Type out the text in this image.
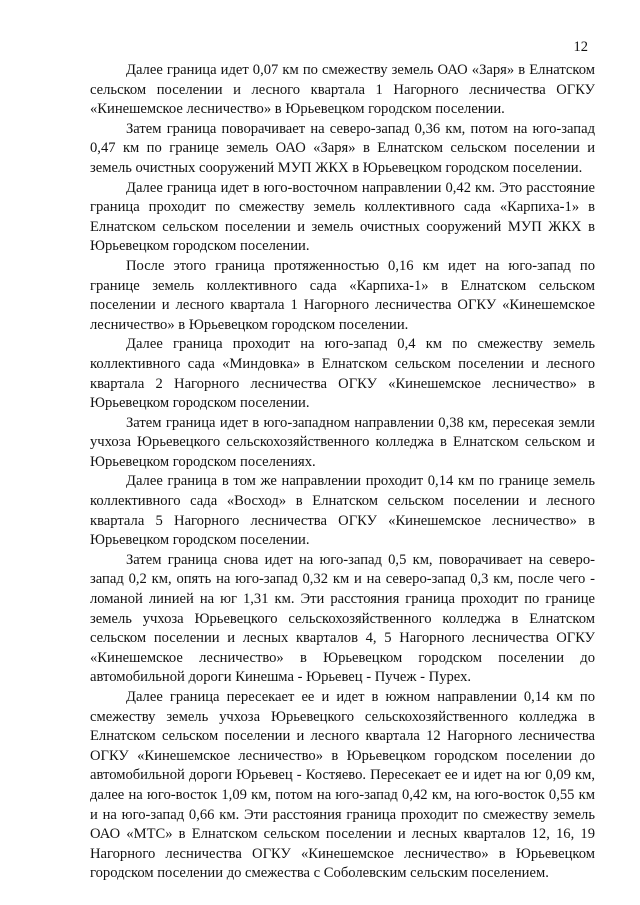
12

Далее граница идет 0,07 км по смежеству земель ОАО «Заря» в Елнатском сельском поселении и лесного квартала 1 Нагорного лесничества ОГКУ «Кинешемское лесничество» в Юрьевецком городском поселении.

Затем граница поворачивает на северо-запад 0,36 км, потом на юго-запад 0,47 км по границе земель ОАО «Заря» в Елнатском сельском поселении и земель очистных сооружений МУП ЖКХ в Юрьевецком городском поселении.

Далее граница идет в юго-восточном направлении 0,42 км. Это расстояние граница проходит по смежеству земель коллективного сада «Карпиха-1» в Елнатском сельском поселении и земель очистных сооружений МУП ЖКХ в Юрьевецком городском поселении.

После этого граница протяженностью 0,16 км идет на юго-запад по границе земель коллективного сада «Карпиха-1» в Елнатском сельском поселении и лесного квартала 1 Нагорного лесничества ОГКУ «Кинешемское лесничество» в Юрьевецком городском поселении.

Далее граница проходит на юго-запад 0,4 км по смежеству земель коллективного сада «Миндовка» в Елнатском сельском поселении и лесного квартала 2 Нагорного лесничества ОГКУ «Кинешемское лесничество» в Юрьевецком городском поселении.

Затем граница идет в юго-западном направлении 0,38 км, пересекая земли учхоза Юрьевецкого сельскохозяйственного колледжа в Елнатском сельском и Юрьевецком городском поселениях.

Далее граница в том же направлении проходит 0,14 км по границе земель коллективного сада «Восход» в Елнатском сельском поселении и лесного квартала 5 Нагорного лесничества ОГКУ «Кинешемское лесничество» в Юрьевецком городском поселении.

Затем граница снова идет на юго-запад 0,5 км, поворачивает на северо-запад 0,2 км, опять на юго-запад 0,32 км и на северо-запад 0,3 км, после чего - ломаной линией на юг 1,31 км. Эти расстояния граница проходит по границе земель учхоза Юрьевецкого сельскохозяйственного колледжа в Елнатском сельском поселении и лесных кварталов 4, 5 Нагорного лесничества ОГКУ «Кинешемское лесничество» в Юрьевецком городском поселении до автомобильной дороги Кинешма - Юрьевец - Пучеж - Пурех.

Далее граница пересекает ее и идет в южном направлении 0,14 км по смежеству земель учхоза Юрьевецкого сельскохозяйственного колледжа в Елнатском сельском поселении и лесного квартала 12 Нагорного лесничества ОГКУ «Кинешемское лесничество» в Юрьевецком городском поселении до автомобильной дороги Юрьевец - Костяево. Пересекает ее и идет на юг 0,09 км, далее на юго-восток 1,09 км, потом на юго-запад 0,42 км, на юго-восток 0,55 км и на юго-запад 0,66 км. Эти расстояния граница проходит по смежеству земель ОАО «МТС» в Елнатском сельском поселении и лесных кварталов 12, 16, 19 Нагорного лесничества ОГКУ «Кинешемское лесничество» в Юрьевецком городском поселении до смежества с Соболевским сельским поселением.
